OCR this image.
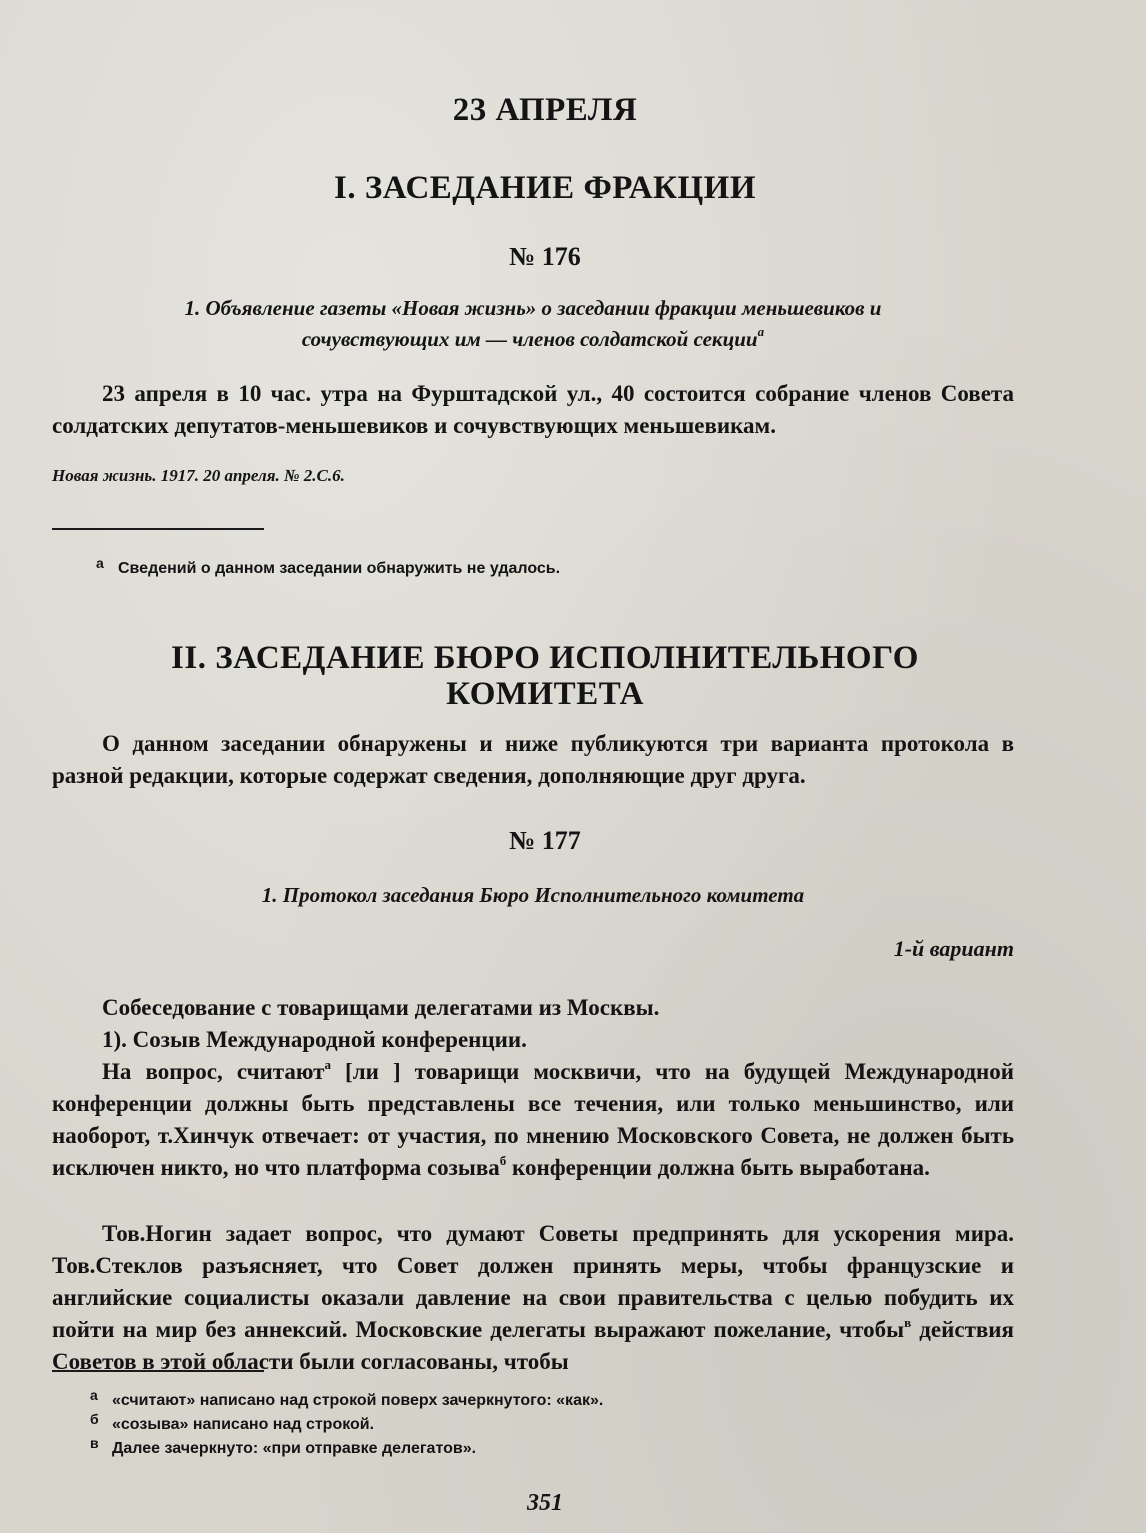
23 АПРЕЛЯ
I. ЗАСЕДАНИЕ ФРАКЦИИ
№ 176
1. Объявление газеты «Новая жизнь» о заседании фракции меньшевиков и
сочувствующих им — членов солдатской секции$^а$

23 апреля в 10 час. утра на Фурштадской ул., 40 состоится собрание членов Совета солдатских депутатов-меньшевиков и сочувствующих меньшевикам.

Новая жизнь. 1917. 20 апреля. № 2.С.6.
а Сведений о данном заседании обнаружить не удалось.
II. ЗАСЕДАНИЕ БЮРО ИСПОЛНИТЕЛЬНОГО
КОМИТЕТА

О данном заседании обнаружены и ниже публикуются три варианта протокола в разной редакции, которые содержат сведения, дополняющие друг друга.

№ 177
1. Протокол заседания Бюро Исполнительного комитета
1-й вариант

Собеседование с товарищами делегатами из Москвы.

1). Созыв Международной конференции.

На вопрос, считают$^а$ [ли ] товарищи москвичи, что на будущей Международной конференции должны быть представлены все течения, или только меньшинство, или наоборот, т.Хинчук отвечает: от участия, по мнению Московского Совета, не должен быть исключен никто, но что платформа созыва$^б$ конференции должна быть выработана.

Тов.Ногин задает вопрос, что думают Советы предпринять для ускорения мира. Тов.Стеклов разъясняет, что Совет должен принять меры, чтобы французские и английские социалисты оказали давление на свои правительства с целью побудить их пойти на мир без аннексий. Московские делегаты выражают пожелание, чтобы$^в$ действия Советов в этой области были согласованы, чтобы

а «считают» написано над строкой поверх зачеркнутого: «как».
б «созыва» написано над строкой.
в Далее зачеркнуто: «при отправке делегатов».
351
